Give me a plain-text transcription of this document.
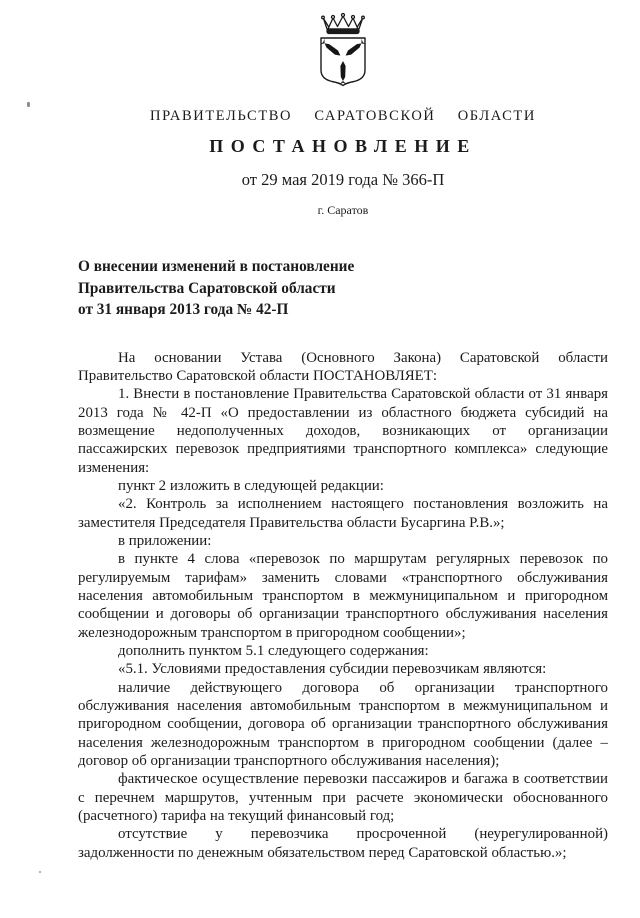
ПРАВИТЕЛЬСТВО САРАТОВСКОЙ ОБЛАСТИ
ПОСТАНОВЛЕНИЕ
от 29 мая 2019 года № 366-П
г. Саратов
О внесении изменений в постановление
Правительства Саратовской области
от 31 января 2013 года № 42-П

На основании Устава (Основного Закона) Саратовской области Правительство Саратовской области ПОСТАНОВЛЯЕТ:

1. Внести в постановление Правительства Саратовской области от 31 января 2013 года № 42-П «О предоставлении из областного бюджета субсидий на возмещение недополученных доходов, возникающих от организации пассажирских перевозок предприятиями транспортного комплекса» следующие изменения:

пункт 2 изложить в следующей редакции:

«2. Контроль за исполнением настоящего постановления возложить на заместителя Председателя Правительства области Бусаргина Р.В.»;

в приложении:

в пункте 4 слова «перевозок по маршрутам регулярных перевозок по регулируемым тарифам» заменить словами «транспортного обслуживания населения автомобильным транспортом в межмуниципальном и пригородном сообщении и договоры об организации транспортного обслуживания населения железнодорожным транспортом в пригородном сообщении»;

дополнить пунктом 5.1 следующего содержания:

«5.1. Условиями предоставления субсидии перевозчикам являются:

наличие действующего договора об организации транспортного обслуживания населения автомобильным транспортом в межмуниципальном и пригородном сообщении, договора об организации транспортного обслуживания населения железнодорожным транспортом в пригородном сообщении (далее – договор об организации транспортного обслуживания населения);

фактическое осуществление перевозки пассажиров и багажа в соответствии с перечнем маршрутов, учтенным при расчете экономически обоснованного (расчетного) тарифа на текущий финансовый год;

отсутствие у перевозчика просроченной (неурегулированной) задолженности по денежным обязательством перед Саратовской областью.»;
